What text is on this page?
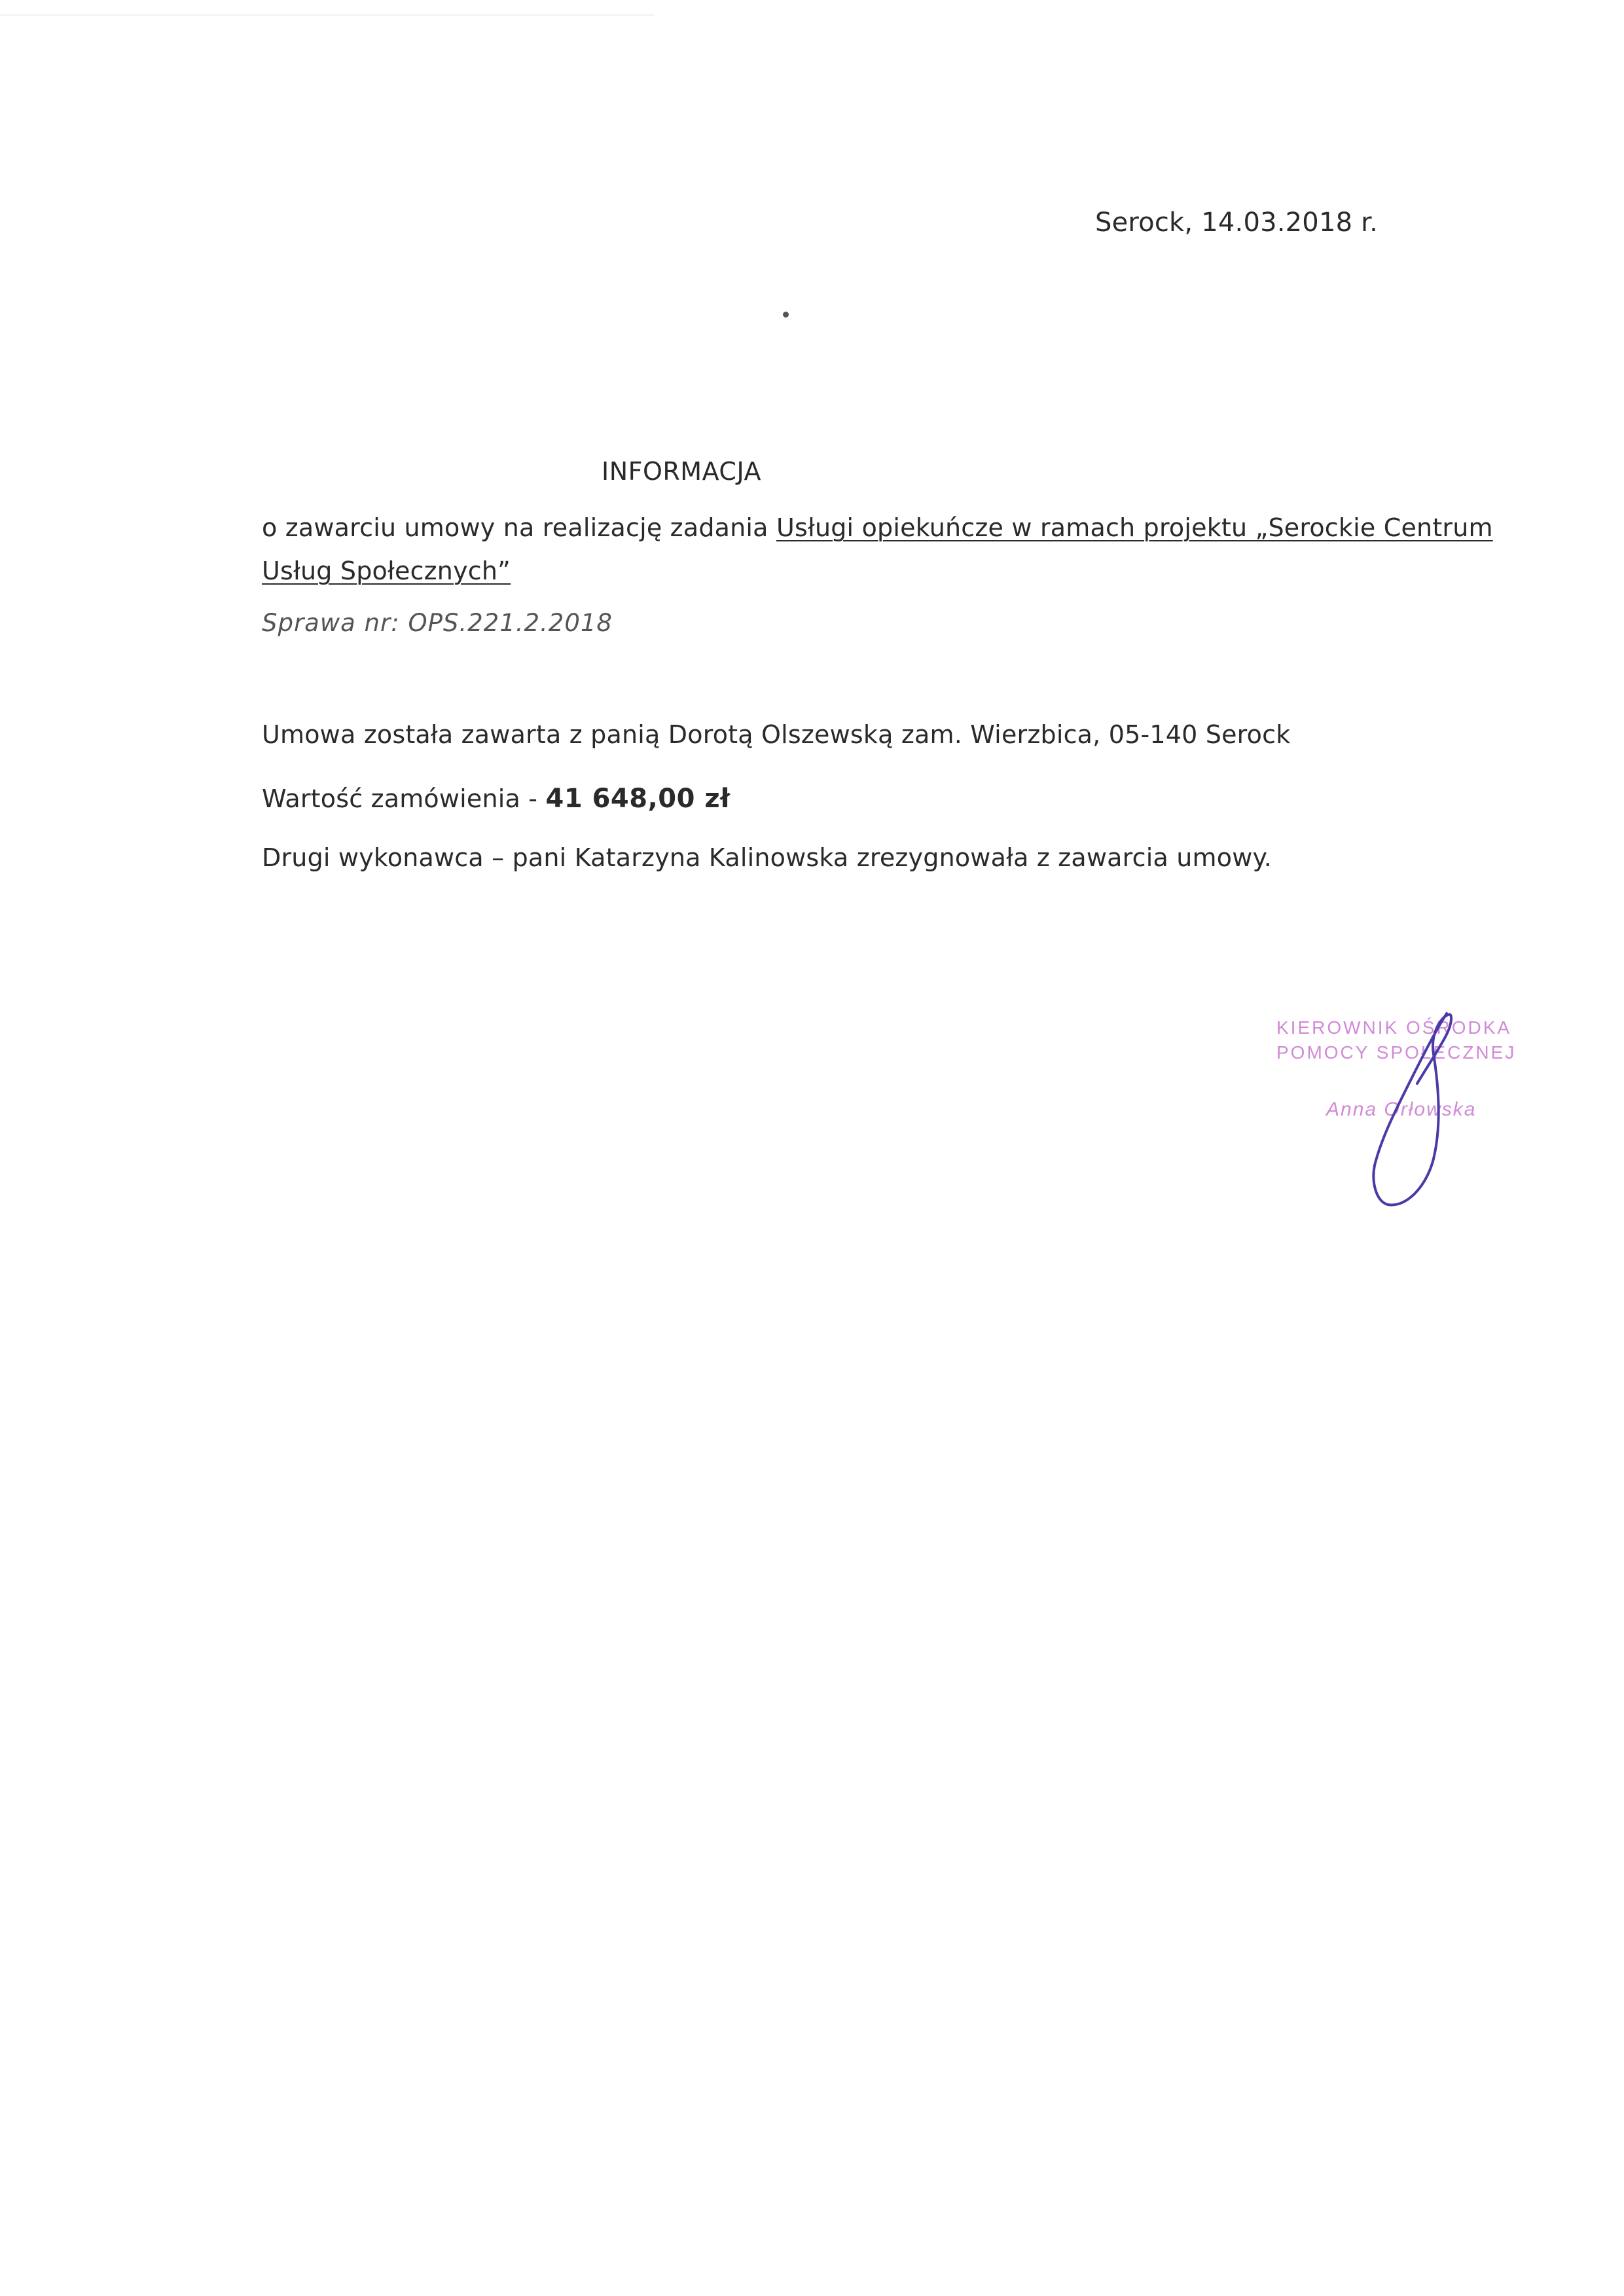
Serock, 14.03.2018 r.
INFORMACJA
o zawarciu umowy na realizację zadania Usługi opiekuńcze w ramach projektu „Serockie Centrum
Usług Społecznych”
Sprawa nr: OPS.221.2.2018
Umowa została zawarta z panią Dorotą Olszewską zam. Wierzbica, 05-140 Serock
Wartość zamówienia - 41 648,00 zł
Drugi wykonawca – pani Katarzyna Kalinowska zrezygnowała z zawarcia umowy.
KIEROWNIK OŚRODKA
POMOCY SPOŁECZNEJ
Anna Orłowska
